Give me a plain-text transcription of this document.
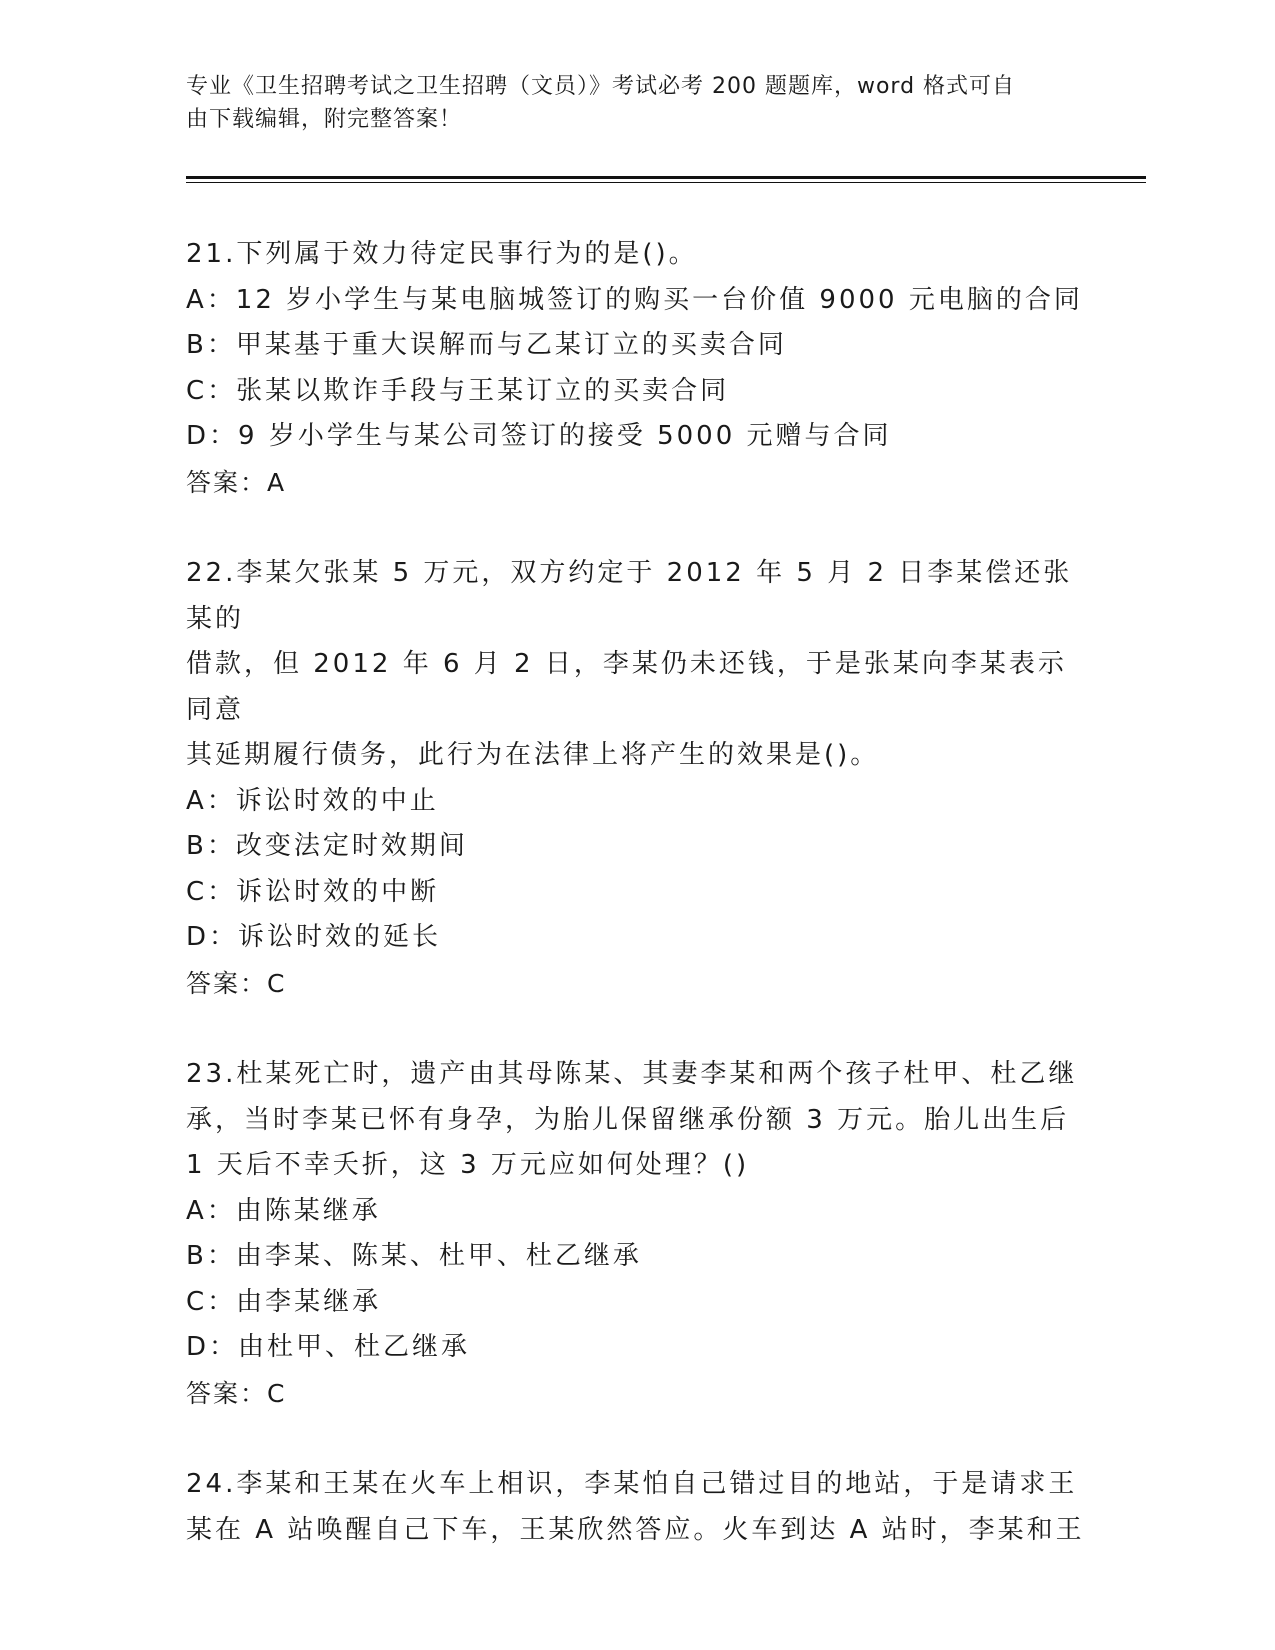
专业《卫生招聘考试之卫生招聘（文员）》考试必考 200 题题库，word 格式可自
由下载编辑，附完整答案！
21.下列属于效力待定民事行为的是()。
A：12 岁小学生与某电脑城签订的购买一台价值 9000 元电脑的合同
B：甲某基于重大误解而与乙某订立的买卖合同
C：张某以欺诈手段与王某订立的买卖合同
D：9 岁小学生与某公司签订的接受 5000 元赠与合同
答案：A
22.李某欠张某 5 万元，双方约定于 2012 年 5 月 2 日李某偿还张某的
借款，但 2012 年 6 月 2 日，李某仍未还钱，于是张某向李某表示同意
其延期履行债务，此行为在法律上将产生的效果是()。
A：诉讼时效的中止
B：改变法定时效期间
C：诉讼时效的中断
D：诉讼时效的延长
答案：C
23.杜某死亡时，遗产由其母陈某、其妻李某和两个孩子杜甲、杜乙继
承，当时李某已怀有身孕，为胎儿保留继承份额 3 万元。胎儿出生后
1 天后不幸夭折，这 3 万元应如何处理？()
A：由陈某继承
B：由李某、陈某、杜甲、杜乙继承
C：由李某继承
D：由杜甲、杜乙继承
答案：C
24.李某和王某在火车上相识，李某怕自己错过目的地站，于是请求王
某在 A 站唤醒自己下车，王某欣然答应。火车到达 A 站时，李某和王
